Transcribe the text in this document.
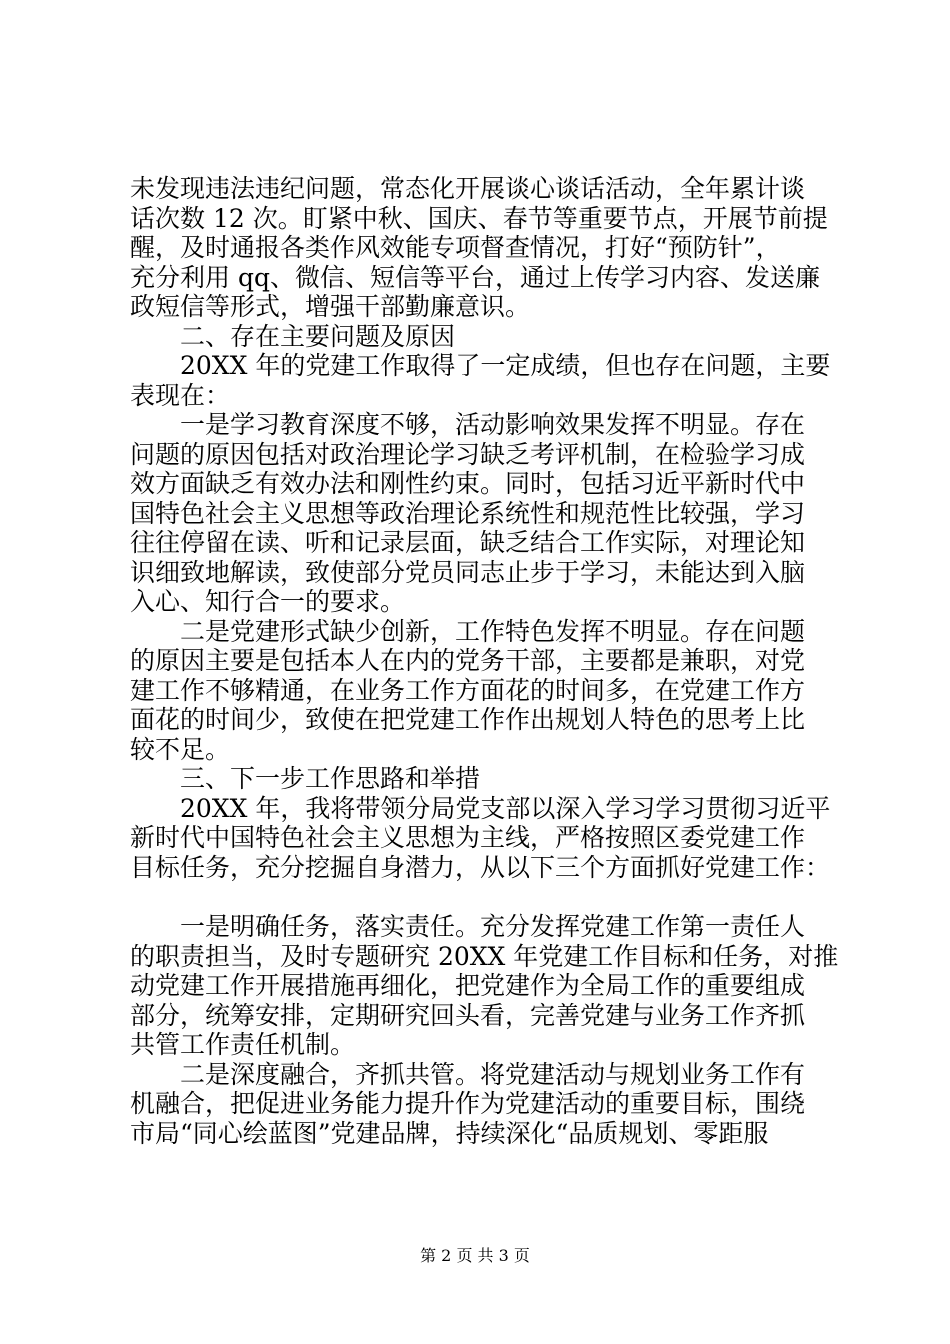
未发现违法违纪问题，常态化开展谈心谈话活动，全年累计谈
话次数 12 次。盯紧中秋、国庆、春节等重要节点，开展节前提
醒，及时通报各类作风效能专项督查情况，打好“预防针”，
充分利用 qq、微信、短信等平台，通过上传学习内容、发送廉
政短信等形式，增强干部勤廉意识。
二、存在主要问题及原因
20XX 年的党建工作取得了一定成绩，但也存在问题，主要
表现在：
一是学习教育深度不够，活动影响效果发挥不明显。存在
问题的原因包括对政治理论学习缺乏考评机制，在检验学习成
效方面缺乏有效办法和刚性约束。同时，包括习近平新时代中
国特色社会主义思想等政治理论系统性和规范性比较强，学习
往往停留在读、听和记录层面，缺乏结合工作实际，对理论知
识细致地解读，致使部分党员同志止步于学习，未能达到入脑
入心、知行合一的要求。
二是党建形式缺少创新，工作特色发挥不明显。存在问题
的原因主要是包括本人在内的党务干部，主要都是兼职，对党
建工作不够精通，在业务工作方面花的时间多，在党建工作方
面花的时间少，致使在把党建工作作出规划人特色的思考上比
较不足。
三、下一步工作思路和举措
20XX 年，我将带领分局党支部以深入学习学习贯彻习近平
新时代中国特色社会主义思想为主线，严格按照区委党建工作
目标任务，充分挖掘自身潜力，从以下三个方面抓好党建工作：
一是明确任务，落实责任。充分发挥党建工作第一责任人
的职责担当，及时专题研究 20XX 年党建工作目标和任务，对推
动党建工作开展措施再细化，把党建作为全局工作的重要组成
部分，统筹安排，定期研究回头看，完善党建与业务工作齐抓
共管工作责任机制。
二是深度融合，齐抓共管。将党建活动与规划业务工作有
机融合，把促进业务能力提升作为党建活动的重要目标，围绕
市局“同心绘蓝图”党建品牌，持续深化“品质规划、零距服
第 2 页 共 3 页
